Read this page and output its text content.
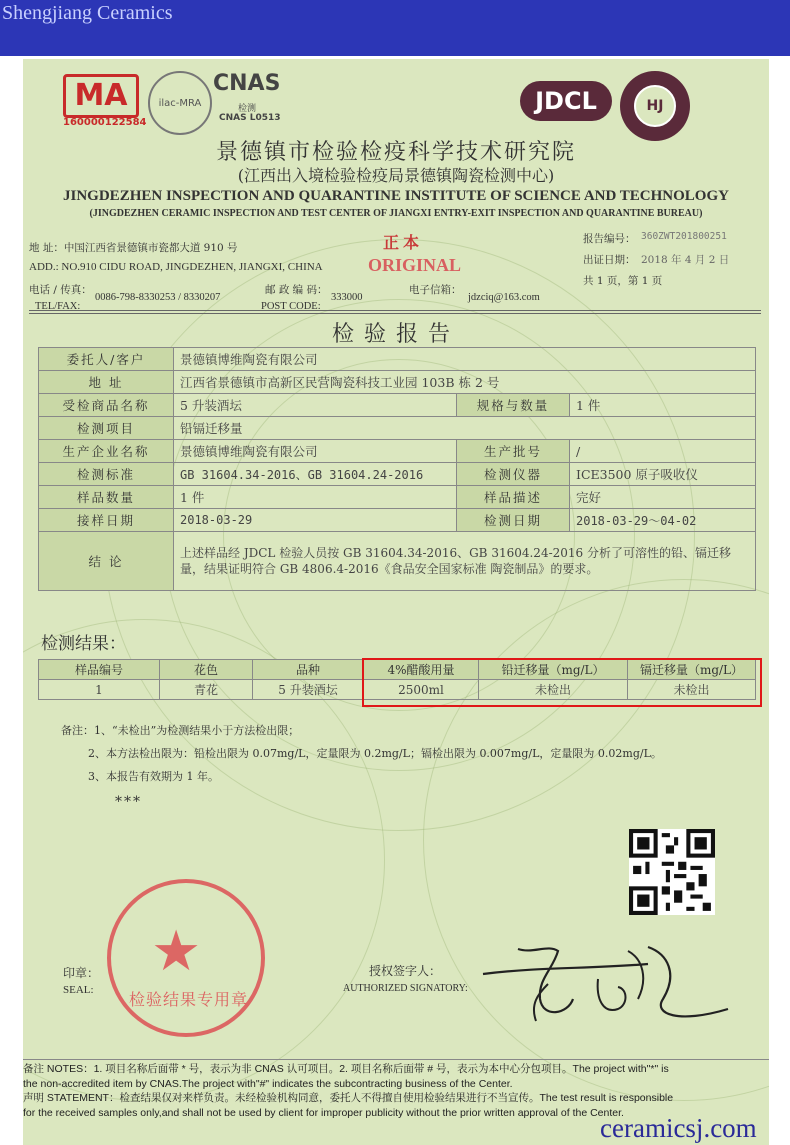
Shengjiang Ceramics
MA
160000122584
ilac-MRA
CNAS
检测
CNAS L0513
JDCL	HJ
景德镇市检验检疫科学技术研究院
(江西出入境检验检疫局景德镇陶瓷检测中心)
JINGDEZHEN INSPECTION AND QUARANTINE INSTITUTE OF SCIENCE AND TECHNOLOGY
(JINGDEZHEN CERAMIC INSPECTION AND TEST CENTER OF JIANGXI ENTRY-EXIT INSPECTION AND QUARANTINE BUREAU)
地 址：中国江西省景德镇市瓷都大道 910 号
ADD.: NO.910 CIDU ROAD, JINGDEZHEN, JIANGXI, CHINA
电话 / 传真：
TEL/FAX:
0086-798-8330253 / 8330207
邮 政 编 码：
POST CODE:
333000
电子信箱：
jdzciq@163.com
正本
ORIGINAL
报告编号： 360ZWT201800251
出证日期： 2018 年 4 月 2 日
共 1 页，第 1 页
检验报告
委托人/客户	景德镇博维陶瓷有限公司		
地 址	江西省景德镇市高新区民营陶瓷科技工业园 103B 栋 2 号		
受检商品名称	5 升装酒坛	规格与数量	1 件
检测项目	铅镉迁移量		
生产企业名称	景德镇博维陶瓷有限公司	生产批号	/
检测标准	GB 31604.34-2016、GB 31604.24-2016	检测仪器	ICE3500 原子吸收仪
样品数量	1 件	样品描述	完好
接样日期	2018-03-29	检测日期	2018-03-29～04-02
结 论	上述样品经 JDCL 检验人员按 GB 31604.34-2016、GB 31604.24-2016 分析了可溶性的铅、镉迁移量，结果证明符合 GB 4806.4-2016《食品安全国家标准 陶瓷制品》的要求。		
检测结果：
样品编号	花色	品种	4%醋酸用量	铅迁移量（mg/L）	镉迁移量（mg/L）
1	青花	5 升装酒坛	2500ml	未检出	未检出
备注：1、“未检出”为检测结果小于方法检出限；
2、本方法检出限为：铅检出限为 0.07mg/L，定量限为 0.2mg/L；镉检出限为 0.007mg/L，定量限为 0.02mg/L。
3、本报告有效期为 1 年。
***
★
检验结果专用章
印章：
SEAL:
授权签字人：
AUTHORIZED SIGNATORY:
备注 NOTES：1. 项目名称后面带 * 号，表示为非 CNAS 认可项目。2. 项目名称后面带 # 号，表示为本中心分包项目。The project with"*" is
the non-accredited item by CNAS.The project with"#" indicates the subcontracting business of the Center.
声明 STATEMENT：检查结果仅对来样负责。未经检验机构同意，委托人不得擅自使用检验结果进行不当宣传。The test result is responsible
for the received samples only,and shall not be used by client for improper publicity without the prior written approval of the Center.
ceramicsj.com
